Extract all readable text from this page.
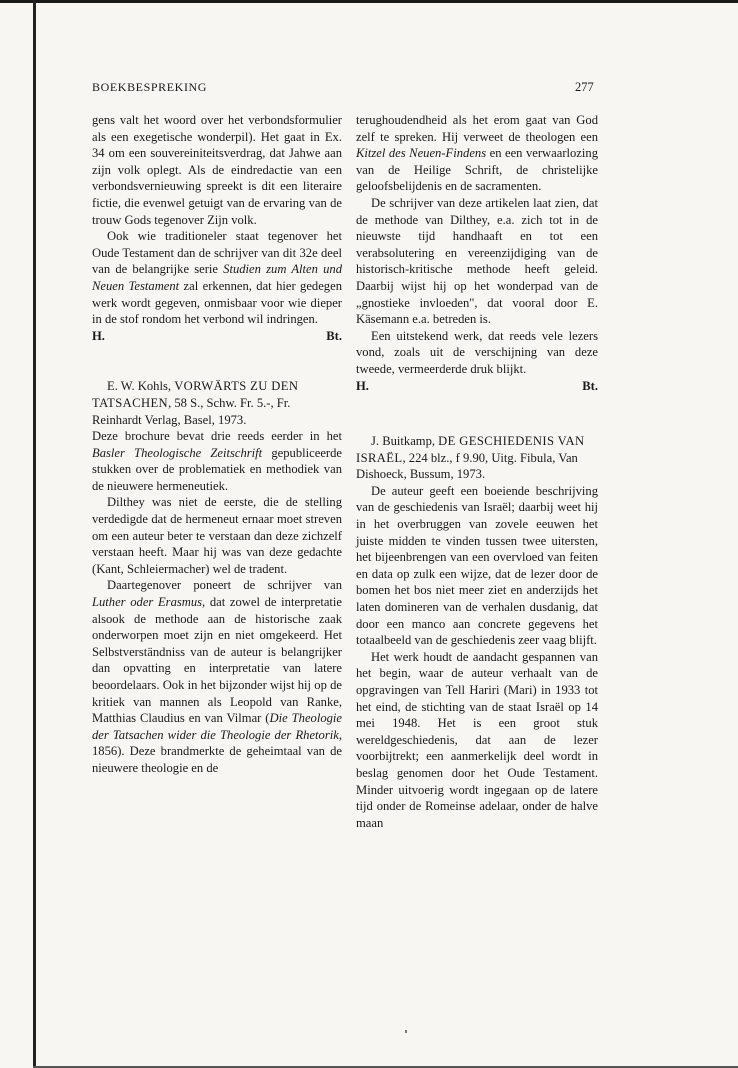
BOEKBESPREKING	277

gens valt het woord over het verbondsformulier als een exegetische wonderpil). Het gaat in Ex. 34 om een souvereiniteitsverdrag, dat Jahwe aan zijn volk oplegt. Als de eindredactie van een verbondsvernieuwing spreekt is dit een literaire fictie, die evenwel getuigt van de ervaring van de trouw Gods tegenover Zijn volk.

Ook wie traditioneler staat tegenover het Oude Testament dan de schrijver van dit 32e deel van de belangrijke serie Studien zum Alten und Neuen Testament zal erkennen, dat hier gedegen werk wordt gegeven, onmisbaar voor wie dieper in de stof rondom het verbond wil indringen.

H.	Bt.

E. W. Kohls, VORWÄRTS ZU DEN TATSACHEN, 58 S., Schw. Fr. 5.-, Fr. Reinhardt Verlag, Basel, 1973.

Deze brochure bevat drie reeds eerder in het Basler Theologische Zeitschrift gepubliceerde stukken over de problematiek en methodiek van de nieuwere hermeneutiek.

Dilthey was niet de eerste, die de stelling verdedigde dat de hermeneut ernaar moet streven om een auteur beter te verstaan dan deze zichzelf verstaan heeft. Maar hij was van deze gedachte (Kant, Schleiermacher) wel de tradent.

Daartegenover poneert de schrijver van Luther oder Erasmus, dat zowel de interpretatie alsook de methode aan de historische zaak onderworpen moet zijn en niet omgekeerd. Het Selbstverständniss van de auteur is belangrijker dan opvatting en interpretatie van latere beoordelaars. Ook in het bijzonder wijst hij op de kritiek van mannen als Leopold van Ranke, Matthias Claudius en van Vilmar (Die Theologie der Tatsachen wider die Theologie der Rhetorik, 1856). Deze brandmerkte de geheimtaal van de nieuwere theologie en de

terughoudendheid als het erom gaat van God zelf te spreken. Hij verweet de theologen een Kitzel des Neuen-Findens en een verwaarlozing van de Heilige Schrift, de christelijke geloofsbelijdenis en de sacramenten.

De schrijver van deze artikelen laat zien, dat de methode van Dilthey, e.a. zich tot in de nieuwste tijd handhaaft en tot een verabsolutering en vereenzijdiging van de historisch-kritische methode heeft geleid. Daarbij wijst hij op het wonderpad van de „gnostieke invloeden", dat vooral door E. Käsemann e.a. betreden is.

Een uitstekend werk, dat reeds vele lezers vond, zoals uit de verschijning van deze tweede, vermeerderde druk blijkt.

H.	Bt.

J. Buitkamp, DE GESCHIEDENIS VAN ISRAËL, 224 blz., f 9.90, Uitg. Fibula, Van Dishoeck, Bussum, 1973.

De auteur geeft een boeiende beschrijving van de geschiedenis van Israël; daarbij weet hij in het overbruggen van zovele eeuwen het juiste midden te vinden tussen twee uitersten, het bijeenbrengen van een overvloed van feiten en data op zulk een wijze, dat de lezer door de bomen het bos niet meer ziet en anderzijds het laten domineren van de verhalen dusdanig, dat door een manco aan concrete gegevens het totaalbeeld van de geschiedenis zeer vaag blijft.

Het werk houdt de aandacht gespannen van het begin, waar de auteur verhaalt van de opgravingen van Tell Hariri (Mari) in 1933 tot het eind, de stichting van de staat Israël op 14 mei 1948. Het is een groot stuk wereldgeschiedenis, dat aan de lezer voorbijtrekt; een aanmerkelijk deel wordt in beslag genomen door het Oude Testament. Minder uitvoerig wordt ingegaan op de latere tijd onder de Romeinse adelaar, onder de halve maan
